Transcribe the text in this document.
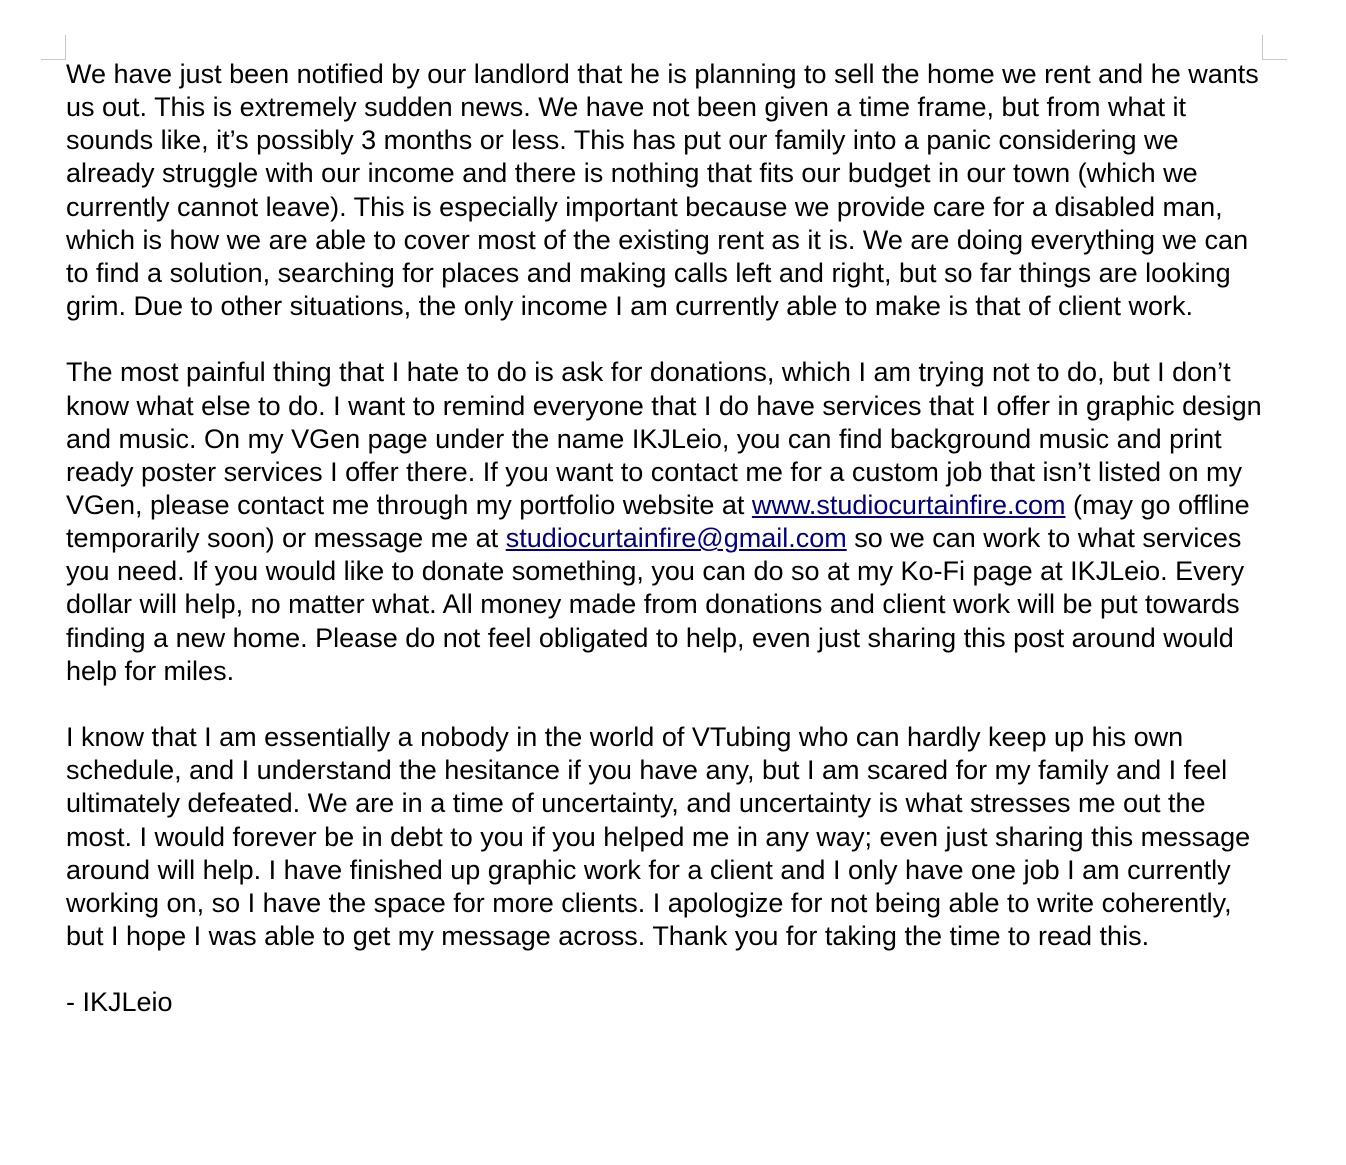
We have just been notified by our landlord that he is planning to sell the home we rent and he wants us out. This is extremely sudden news. We have not been given a time frame, but from what it sounds like, it’s possibly 3 months or less. This has put our family into a panic considering we already struggle with our income and there is nothing that fits our budget in our town (which we currently cannot leave). This is especially important because we provide care for a disabled man, which is how we are able to cover most of the existing rent as it is. We are doing everything we can to find a solution, searching for places and making calls left and right, but so far things are looking grim. Due to other situations, the only income I am currently able to make is that of client work.

The most painful thing that I hate to do is ask for donations, which I am trying not to do, but I don’t know what else to do. I want to remind everyone that I do have services that I offer in graphic design and music. On my VGen page under the name IKJLeio, you can find background music and print ready poster services I offer there. If you want to contact me for a custom job that isn’t listed on my VGen, please contact me through my portfolio website at www.studiocurtainfire.com (may go offline temporarily soon) or message me at studiocurtainfire@gmail.com so we can work to what services you need. If you would like to donate something, you can do so at my Ko-Fi page at IKJLeio. Every dollar will help, no matter what. All money made from donations and client work will be put towards finding a new home. Please do not feel obligated to help, even just sharing this post around would help for miles.

I know that I am essentially a nobody in the world of VTubing who can hardly keep up his own schedule, and I understand the hesitance if you have any, but I am scared for my family and I feel ultimately defeated. We are in a time of uncertainty, and uncertainty is what stresses me out the most. I would forever be in debt to you if you helped me in any way; even just sharing this message around will help. I have finished up graphic work for a client and I only have one job I am currently working on, so I have the space for more clients. I apologize for not being able to write coherently, but I hope I was able to get my message across. Thank you for taking the time to read this.

- IKJLeio
